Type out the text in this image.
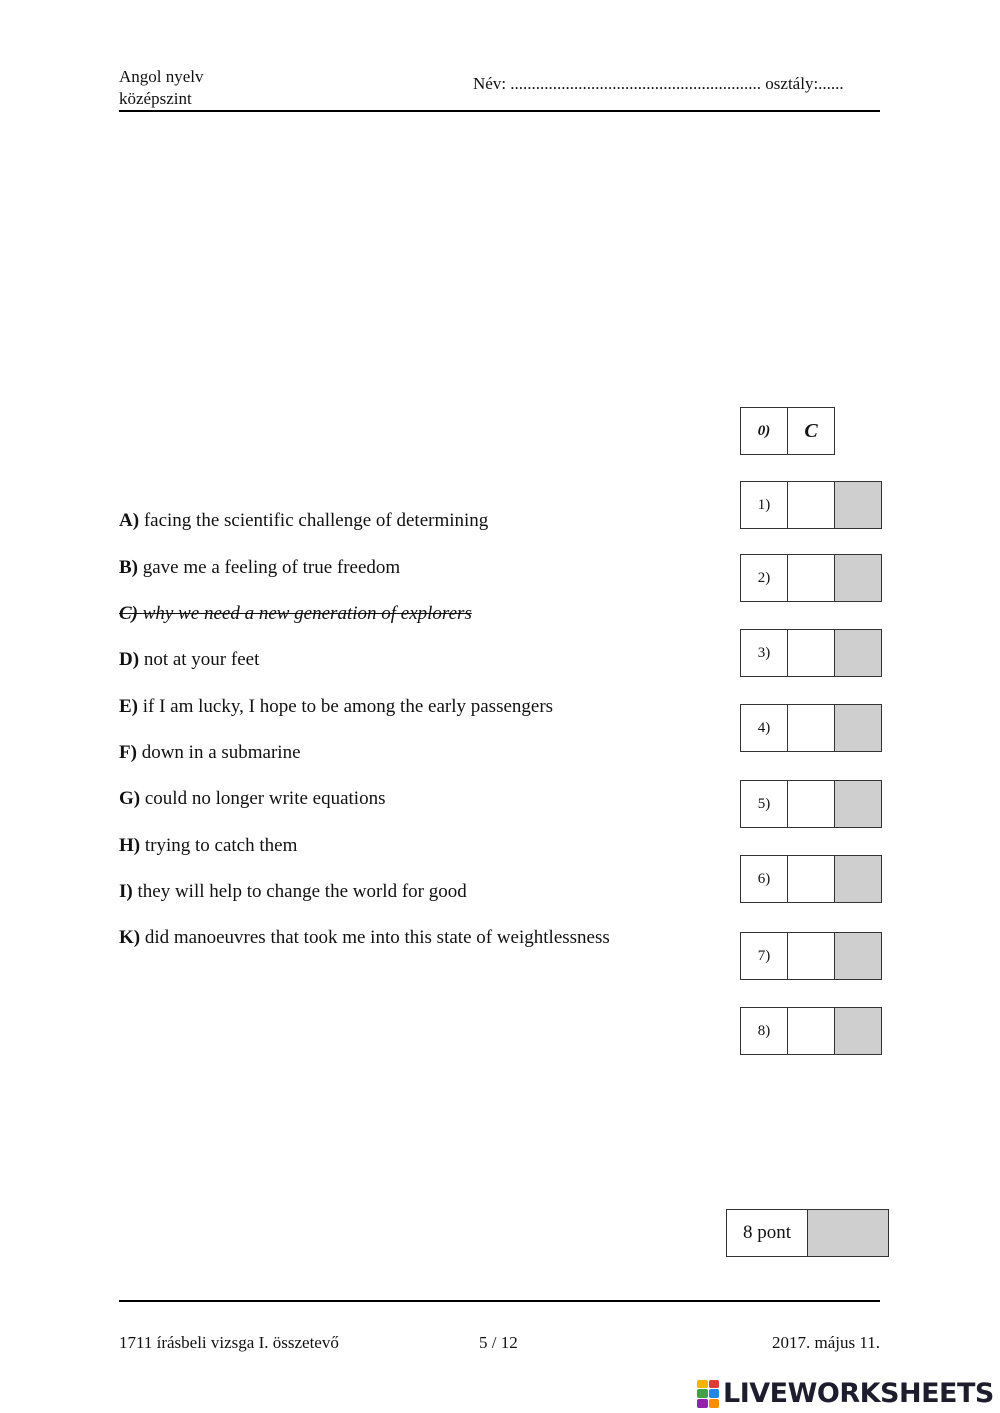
Angol nyelv
középszint
Név: ........................................................... osztály:......
A) facing the scientific challenge of determining
B) gave me a feeling of true freedom
C) why we need a new generation of explorers
D) not at your feet
E) if I am lucky, I hope to be among the early passengers
F) down in a submarine
G) could no longer write equations
H) trying to catch them
I) they will help to change the world for good
K) did manoeuvres that took me into this state of weightlessness
0)	C
1)
2)
3)
4)
5)
6)
7)
8)
8 pont
1711 írásbeli vizsga I. összetevő	5 / 12	2017. május 11.
LIVEWORKSHEETS
